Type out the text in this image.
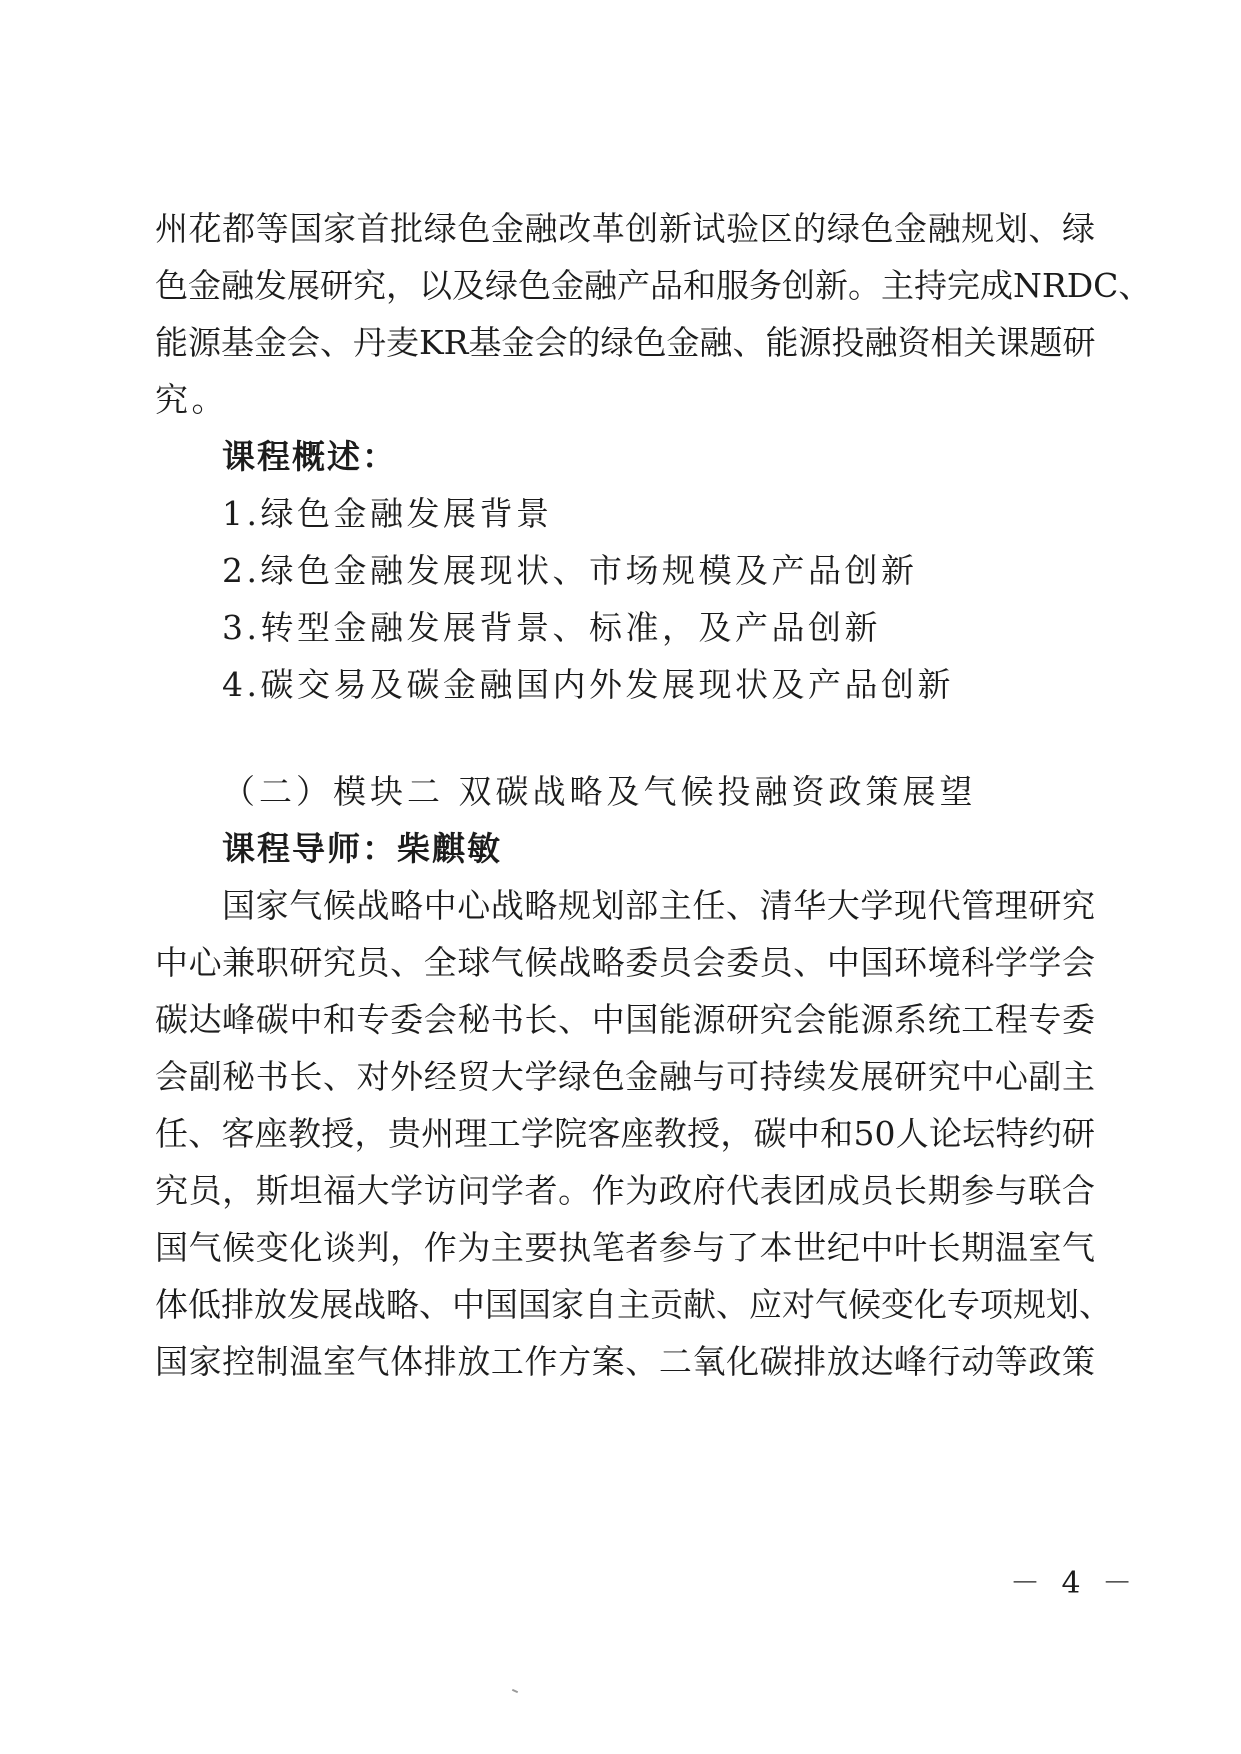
州花都等国家首批绿色金融改革创新试验区的绿色金融规划、绿
色金融发展研究，以及绿色金融产品和服务创新。主持完成NRDC、
能源基金会、丹麦KR基金会的绿色金融、能源投融资相关课题研
究。
课程概述：
1.绿色金融发展背景
2.绿色金融发展现状、市场规模及产品创新
3.转型金融发展背景、标准，及产品创新
4.碳交易及碳金融国内外发展现状及产品创新
（二）模块二 双碳战略及气候投融资政策展望
课程导师：柴麒敏
国家气候战略中心战略规划部主任、清华大学现代管理研究
中心兼职研究员、全球气候战略委员会委员、中国环境科学学会
碳达峰碳中和专委会秘书长、中国能源研究会能源系统工程专委
会副秘书长、对外经贸大学绿色金融与可持续发展研究中心副主
任、客座教授，贵州理工学院客座教授，碳中和50人论坛特约研
究员，斯坦福大学访问学者。作为政府代表团成员长期参与联合
国气候变化谈判，作为主要执笔者参与了本世纪中叶长期温室气
体低排放发展战略、中国国家自主贡献、应对气候变化专项规划、
国家控制温室气体排放工作方案、二氧化碳排放达峰行动等政策
－ 4 －
